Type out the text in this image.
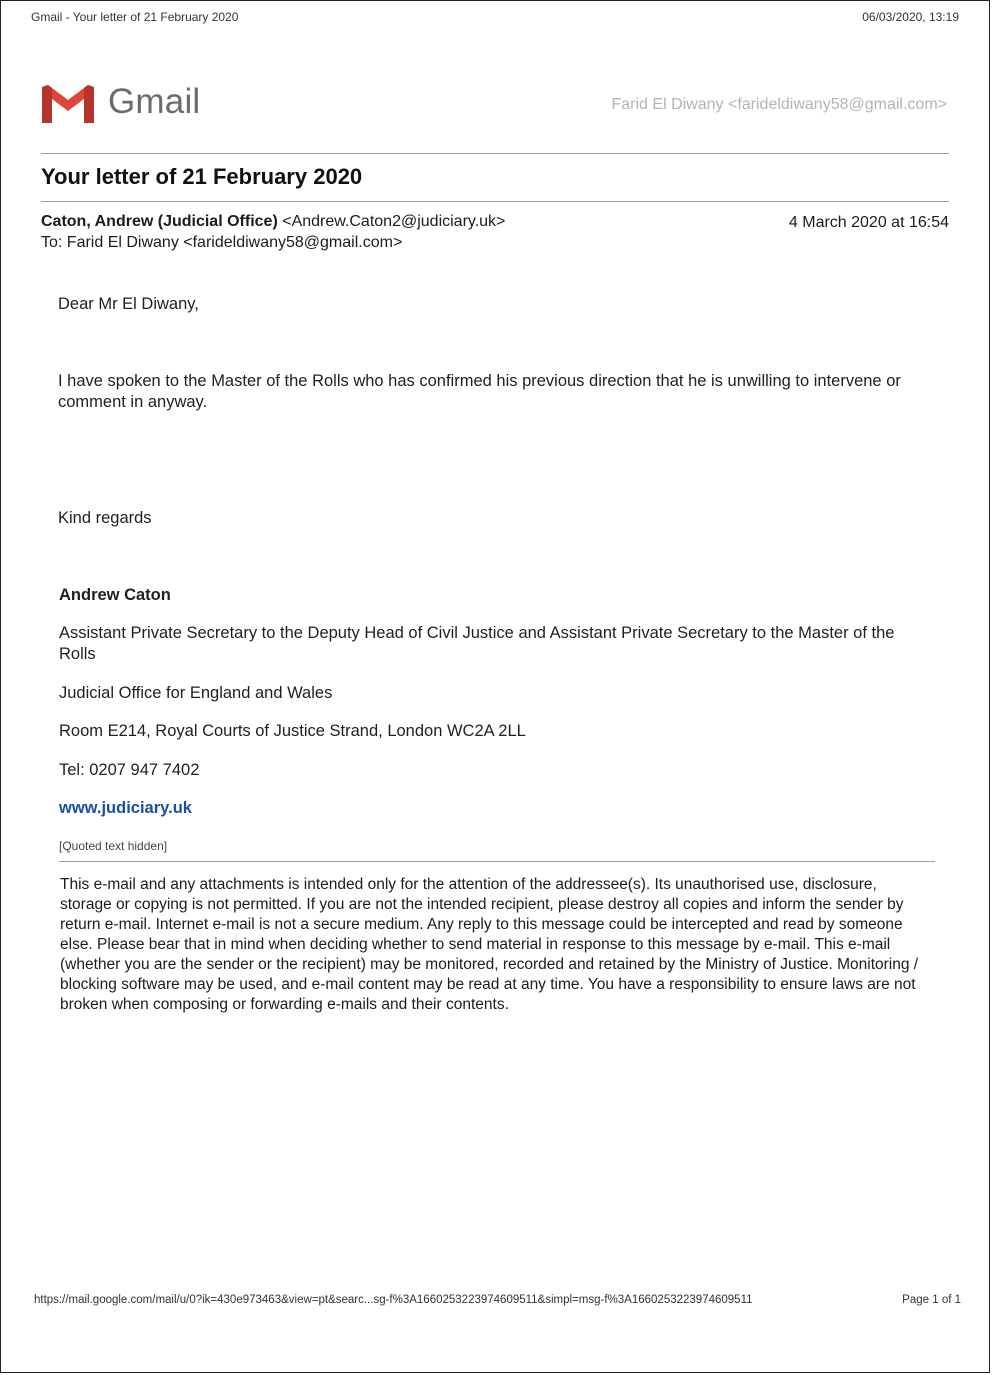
Gmail - Your letter of 21 February 2020	06/03/2020, 13:19
Gmail	Farid El Diwany <farideldiwany58@gmail.com>
Your letter of 21 February 2020
Caton, Andrew (Judicial Office) <Andrew.Caton2@judiciary.uk>
To: Farid El Diwany <farideldiwany58@gmail.com>
4 March 2020 at 16:54
Dear Mr El Diwany,
I have spoken to the Master of the Rolls who has confirmed his previous direction that he is unwilling to intervene or comment in anyway.
Kind regards
Andrew Caton
Assistant Private Secretary to the Deputy Head of Civil Justice and Assistant Private Secretary to the Master of the Rolls
Judicial Office for England and Wales
Room E214, Royal Courts of Justice Strand, London WC2A 2LL
Tel: 0207 947 7402
www.judiciary.uk
[Quoted text hidden]
This e-mail and any attachments is intended only for the attention of the addressee(s). Its unauthorised use, disclosure, storage or copying is not permitted. If you are not the intended recipient, please destroy all copies and inform the sender by return e-mail. Internet e-mail is not a secure medium. Any reply to this message could be intercepted and read by someone else. Please bear that in mind when deciding whether to send material in response to this message by e-mail. This e-mail (whether you are the sender or the recipient) may be monitored, recorded and retained by the Ministry of Justice. Monitoring / blocking software may be used, and e-mail content may be read at any time. You have a responsibility to ensure laws are not broken when composing or forwarding e-mails and their contents.
https://mail.google.com/mail/u/0?ik=430e973463&view=pt&searc...sg-f%3A1660253223974609511&simpl=msg-f%3A1660253223974609511	Page 1 of 1
